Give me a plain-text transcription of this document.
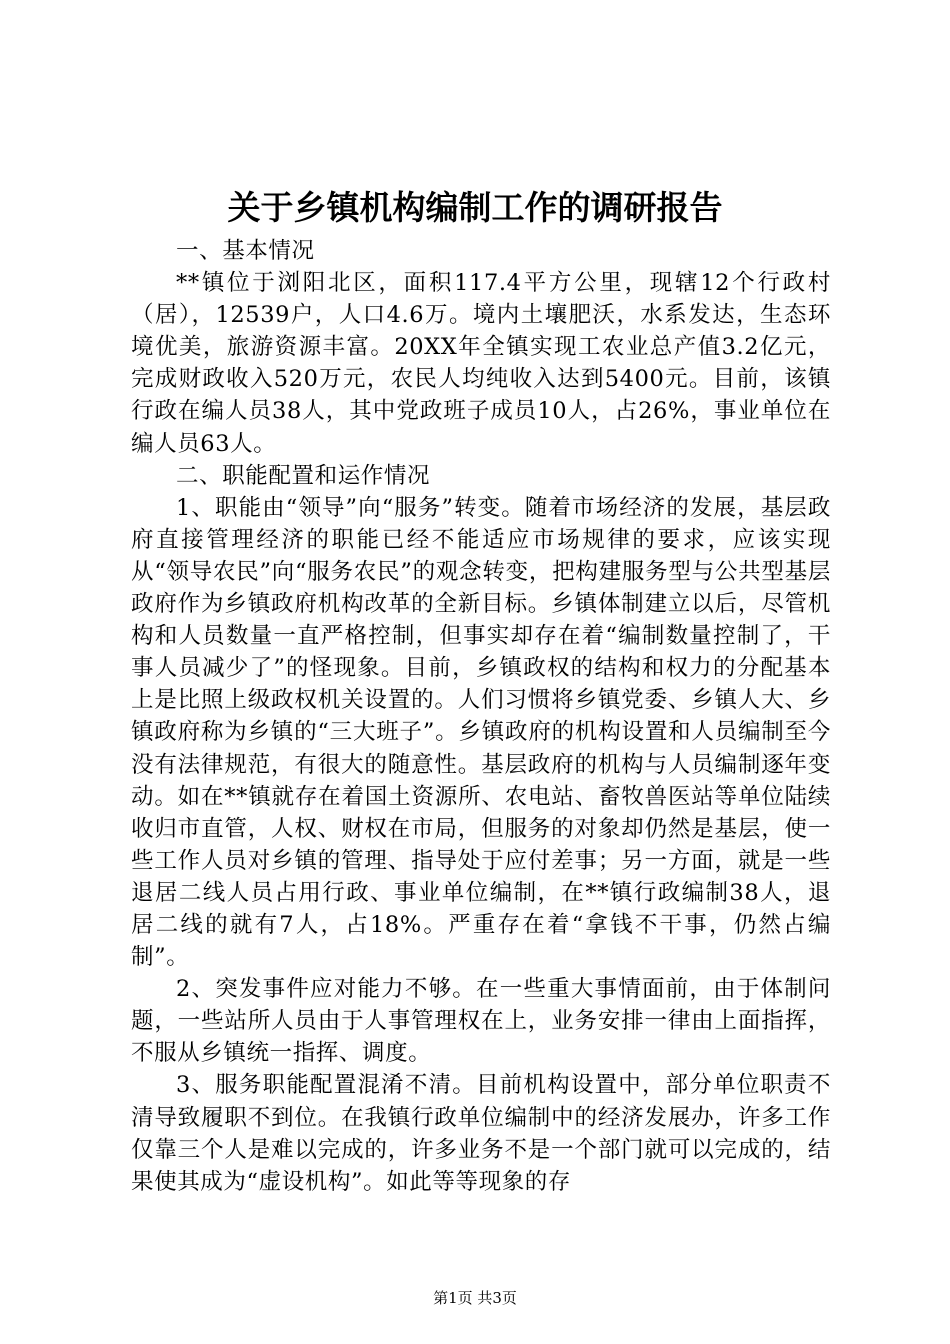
关于乡镇机构编制工作的调研报告

一、基本情况

**镇位于浏阳北区，面积117.4平方公里，现辖12个行政村（居），12539户，人口4.6万。境内土壤肥沃，水系发达，生态环境优美，旅游资源丰富。20XX年全镇实现工农业总产值3.2亿元，完成财政收入520万元，农民人均纯收入达到5400元。目前，该镇行政在编人员38人，其中党政班子成员10人，占26%，事业单位在编人员63人。

二、职能配置和运作情况

1、职能由“领导”向“服务”转变。随着市场经济的发展，基层政府直接管理经济的职能已经不能适应市场规律的要求，应该实现从“领导农民”向“服务农民”的观念转变，把构建服务型与公共型基层政府作为乡镇政府机构改革的全新目标。乡镇体制建立以后，尽管机构和人员数量一直严格控制，但事实却存在着“编制数量控制了，干事人员减少了”的怪现象。目前，乡镇政权的结构和权力的分配基本上是比照上级政权机关设置的。人们习惯将乡镇党委、乡镇人大、乡镇政府称为乡镇的“三大班子”。乡镇政府的机构设置和人员编制至今没有法律规范，有很大的随意性。基层政府的机构与人员编制逐年变动。如在**镇就存在着国土资源所、农电站、畜牧兽医站等单位陆续收归市直管，人权、财权在市局，但服务的对象却仍然是基层，使一些工作人员对乡镇的管理、指导处于应付差事；另一方面，就是一些退居二线人员占用行政、事业单位编制，在**镇行政编制38人，退居二线的就有7人，占18%。严重存在着“拿钱不干事，仍然占编制”。

2、突发事件应对能力不够。在一些重大事情面前，由于体制问题，一些站所人员由于人事管理权在上，业务安排一律由上面指挥，不服从乡镇统一指挥、调度。

3、服务职能配置混淆不清。目前机构设置中，部分单位职责不清导致履职不到位。在我镇行政单位编制中的经济发展办，许多工作仅靠三个人是难以完成的，许多业务不是一个部门就可以完成的，结果使其成为“虚设机构”。如此等等现象的存

第1页 共3页
